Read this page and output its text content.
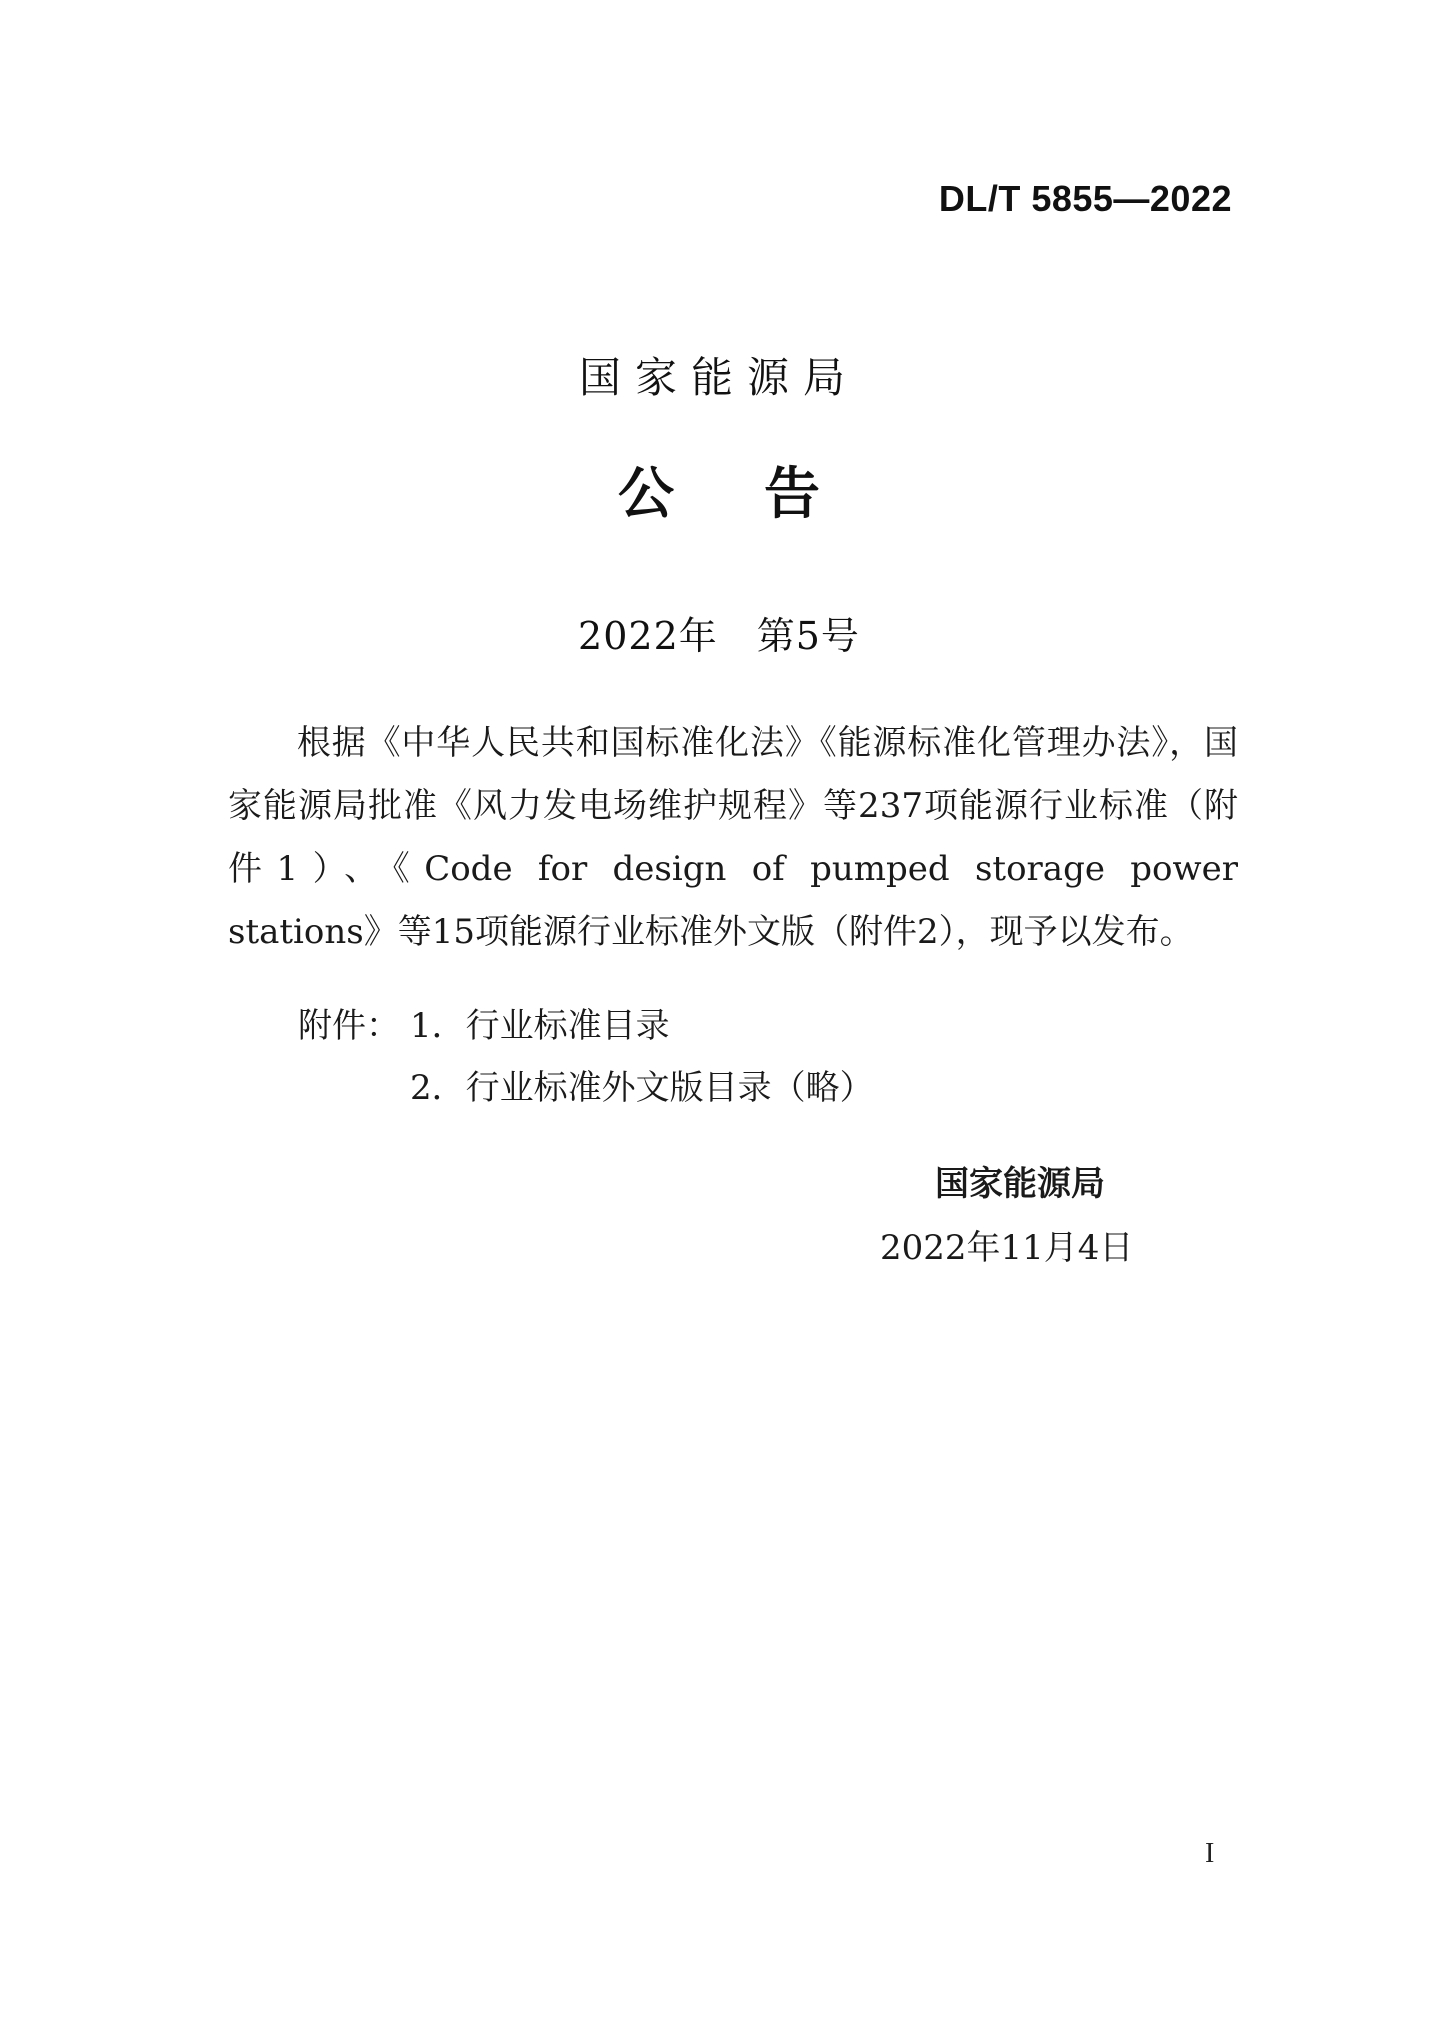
DL/T 5855—2022
国家能源局
公告
2022年　第5号
根据《中华人民共和国标准化法》《能源标准化管理办法》，国家能源局批准《风力发电场维护规程》等237项能源行业标准（附件1）、《Code for design of pumped storage power stations》等15项能源行业标准外文版（附件2），现予以发布。
附件： 1．行业标准目录
2．行业标准外文版目录（略）
国家能源局
2022年11月4日
I
